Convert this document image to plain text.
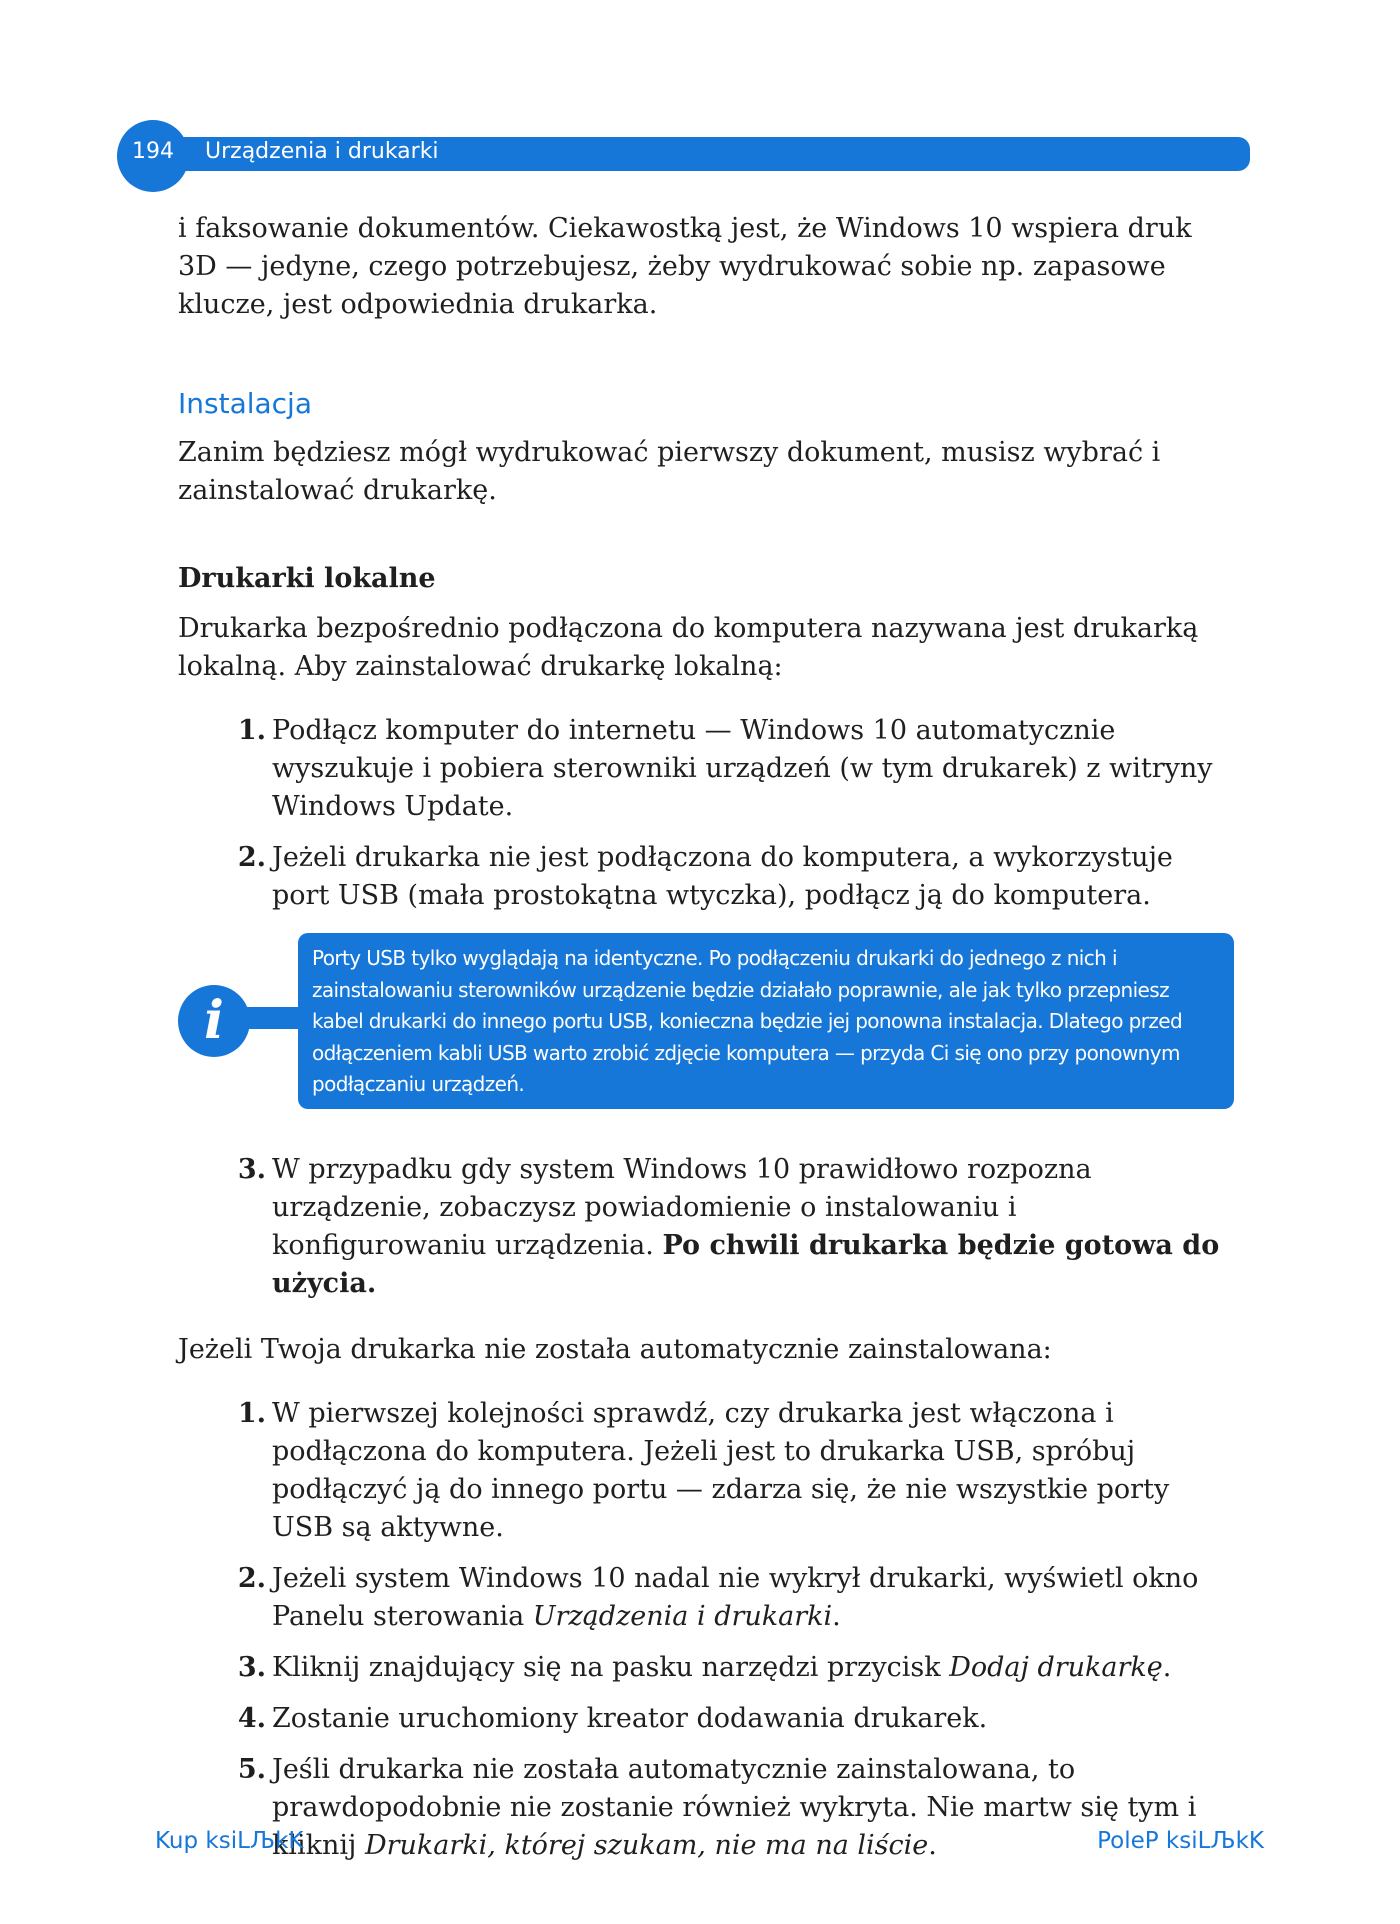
194	Urządzenia i drukarki

i faksowanie dokumentów. Ciekawostką jest, że Windows 10 wspiera druk 3D — jedyne, czego potrzebujesz, żeby wydrukować sobie np. zapasowe klucze, jest odpowiednia drukarka.

Instalacja

Zanim będziesz mógł wydrukować pierwszy dokument, musisz wybrać i zainstalować drukarkę.

Drukarki lokalne

Drukarka bezpośrednio podłączona do komputera nazywana jest drukarką lokalną. Aby zainstalować drukarkę lokalną:

1. Podłącz komputer do internetu — Windows 10 automatycznie wyszukuje i pobiera sterowniki urządzeń (w tym drukarek) z witryny Windows Update.
2. Jeżeli drukarka nie jest podłączona do komputera, a wykorzystuje port USB (mała prostokątna wtyczka), podłącz ją do komputera.
i
Porty USB tylko wyglądają na identyczne. Po podłączeniu drukarki do jednego z nich i zainstalowaniu sterowników urządzenie będzie działało poprawnie, ale jak tylko przepniesz kabel drukarki do innego portu USB, konieczna będzie jej ponowna instalacja. Dlatego przed odłączeniem kabli USB warto zrobić zdjęcie komputera — przyda Ci się ono przy ponownym podłączaniu urządzeń.
3. W przypadku gdy system Windows 10 prawidłowo rozpozna urządzenie, zobaczysz powiadomienie o instalowaniu i konfigurowaniu urządzenia. Po chwili drukarka będzie gotowa do użycia.

Jeżeli Twoja drukarka nie została automatycznie zainstalowana:

1. W pierwszej kolejności sprawdź, czy drukarka jest włączona i podłączona do komputera. Jeżeli jest to drukarka USB, spróbuj podłączyć ją do innego portu — zdarza się, że nie wszystkie porty USB są aktywne.
2. Jeżeli system Windows 10 nadal nie wykrył drukarki, wyświetl okno Panelu sterowania Urządzenia i drukarki.
3. Kliknij znajdujący się na pasku narzędzi przycisk Dodaj drukarkę.
4. Zostanie uruchomiony kreator dodawania drukarek.
5. Jeśli drukarka nie została automatycznie zainstalowana, to prawdopodobnie nie zostanie również wykryta. Nie martw się tym i kliknij Drukarki, której szukam, nie ma na liście.
Kup ksiLЉkK	PoleP ksiLЉkK
